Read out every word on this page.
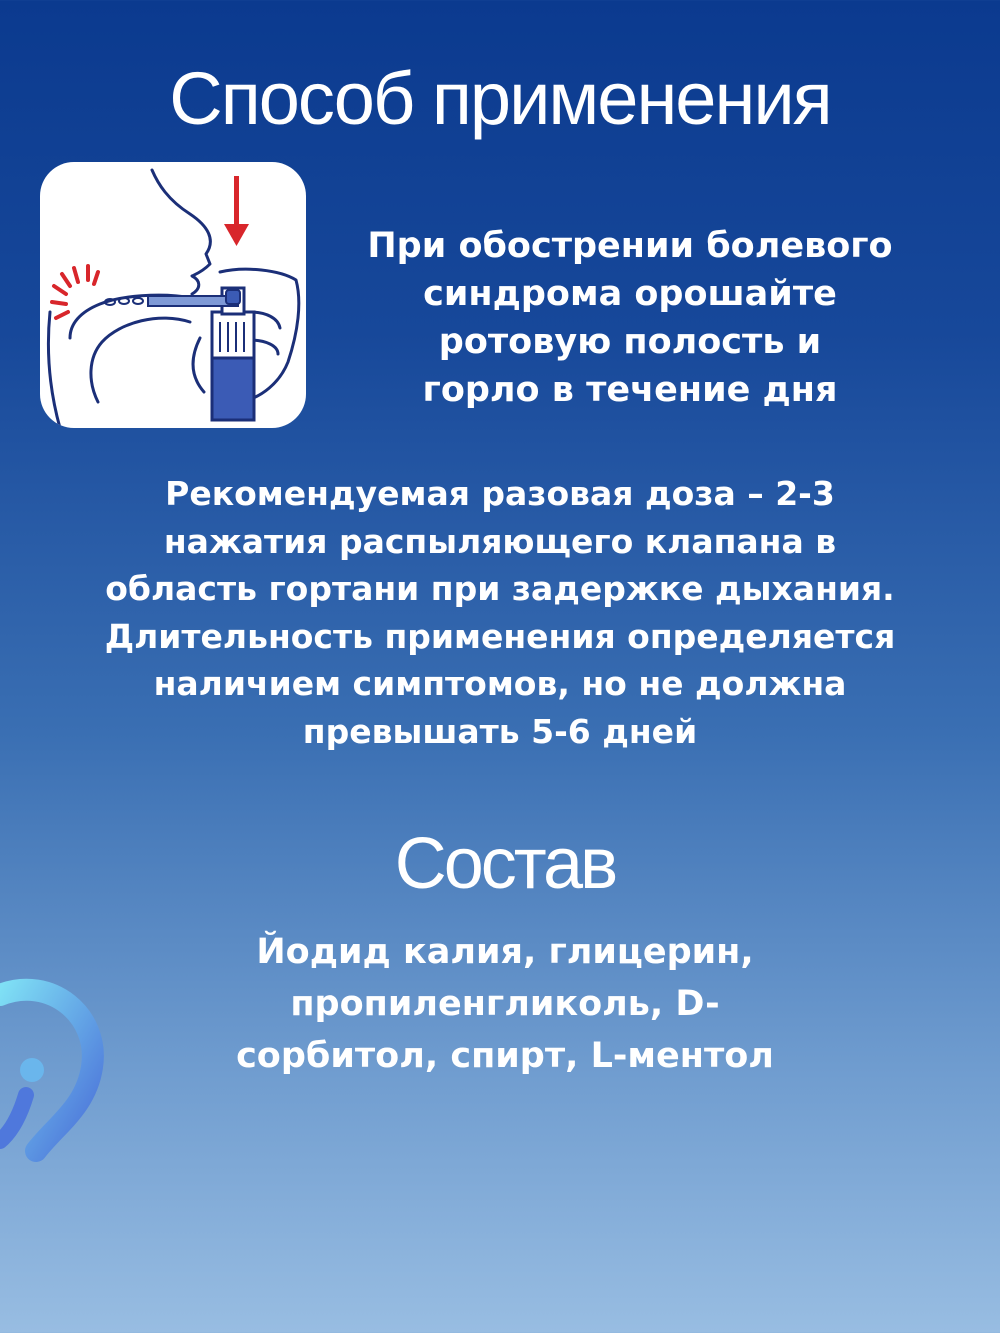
Способ применения
При обострении болевого
синдрома орошайте
ротовую полость и
горло в течение дня
Рекомендуемая разовая доза – 2-3
нажатия распыляющего клапана в
область гортани при задержке дыхания.
Длительность применения определяется
наличием симптомов, но не должна
превышать 5-6 дней
Состав
Йодид калия, глицерин,
пропиленгликоль, D-
сорбитол, спирт, L-ментол
